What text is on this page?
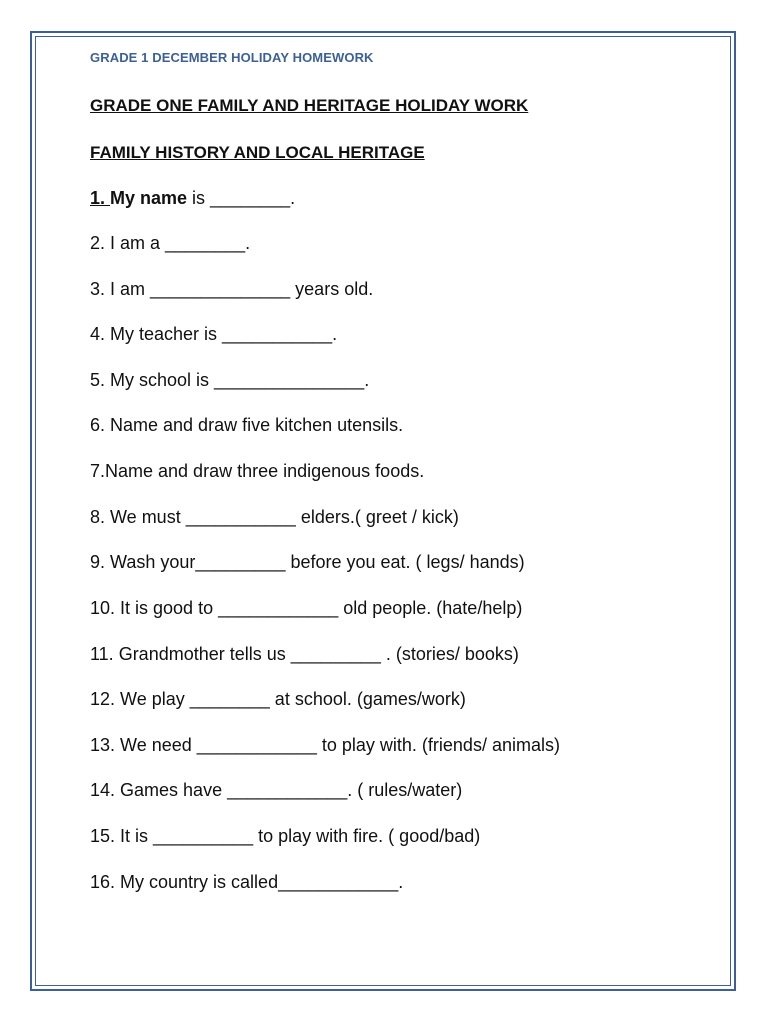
GRADE 1 DECEMBER HOLIDAY HOMEWORK
GRADE ONE FAMILY AND HERITAGE HOLIDAY WORK
FAMILY HISTORY AND LOCAL HERITAGE
1. My name is ________.
2. I am a ________.
3. I am ______________ years old.
4. My teacher is ___________.
5. My school is _______________.
6. Name and draw five kitchen utensils.
7.Name and draw three indigenous foods.
8. We must ___________ elders.( greet / kick)
9. Wash your_________ before you eat. ( legs/ hands)
10. It is good to ____________ old people. (hate/help)
11. Grandmother tells us _________ . (stories/ books)
12. We play ________ at school. (games/work)
13. We need ____________ to play with. (friends/ animals)
14. Games have ____________. ( rules/water)
15. It is __________ to play with fire. ( good/bad)
16. My country is called____________.
